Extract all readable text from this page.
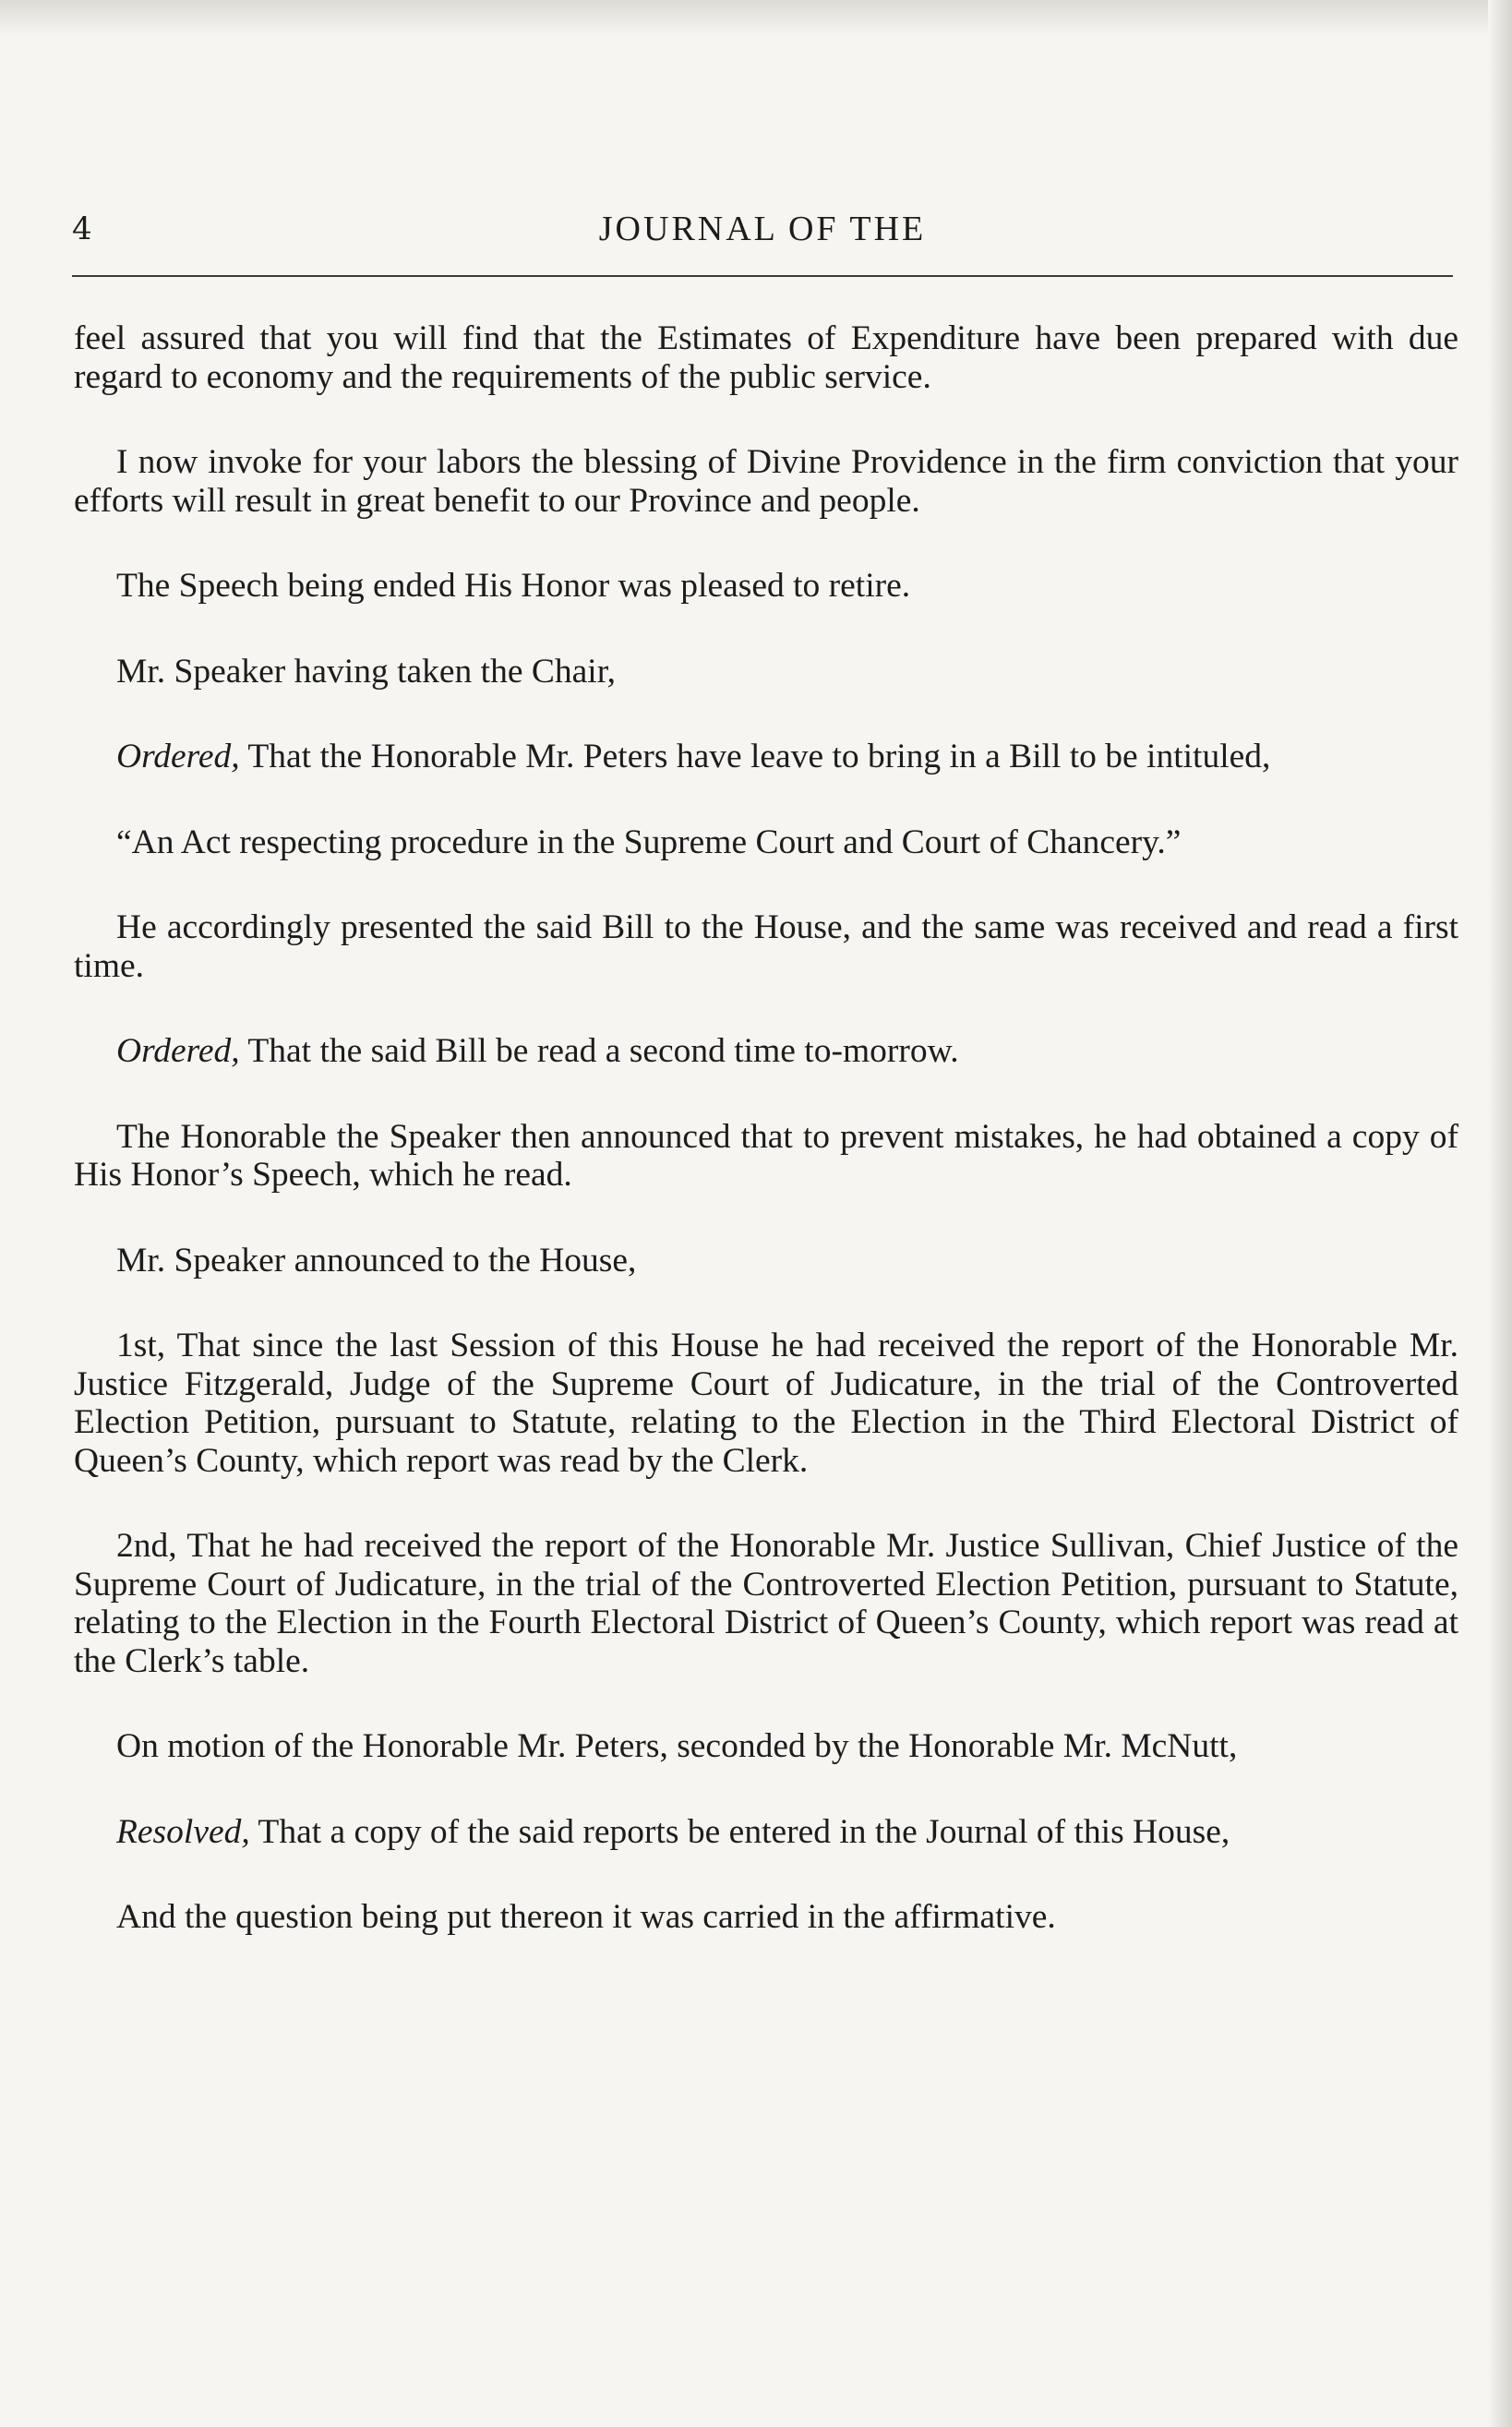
4	JOURNAL OF THE

feel assured that you will find that the Estimates of Expenditure have been prepared with due regard to economy and the requirements of the public service.

I now invoke for your labors the blessing of Divine Providence in the firm conviction that your efforts will result in great benefit to our Province and people.

The Speech being ended His Honor was pleased to retire.

Mr. Speaker having taken the Chair,

Ordered, That the Honorable Mr. Peters have leave to bring in a Bill to be intituled,

“An Act respecting procedure in the Supreme Court and Court of Chancery.”

He accordingly presented the said Bill to the House, and the same was received and read a first time.

Ordered, That the said Bill be read a second time to-morrow.

The Honorable the Speaker then announced that to prevent mistakes, he had obtained a copy of His Honor’s Speech, which he read.

Mr. Speaker announced to the House,

1st, That since the last Session of this House he had received the report of the Honorable Mr. Justice Fitzgerald, Judge of the Supreme Court of Judicature, in the trial of the Controverted Election Petition, pursuant to Statute, relating to the Election in the Third Electoral District of Queen’s County, which report was read by the Clerk.

2nd, That he had received the report of the Honorable Mr. Justice Sullivan, Chief Justice of the Supreme Court of Judicature, in the trial of the Controverted Election Petition, pursuant to Statute, relating to the Election in the Fourth Electoral District of Queen’s County, which report was read at the Clerk’s table.

On motion of the Honorable Mr. Peters, seconded by the Honorable Mr. McNutt,

Resolved, That a copy of the said reports be entered in the Journal of this House,

And the question being put thereon it was carried in the affirmative.
